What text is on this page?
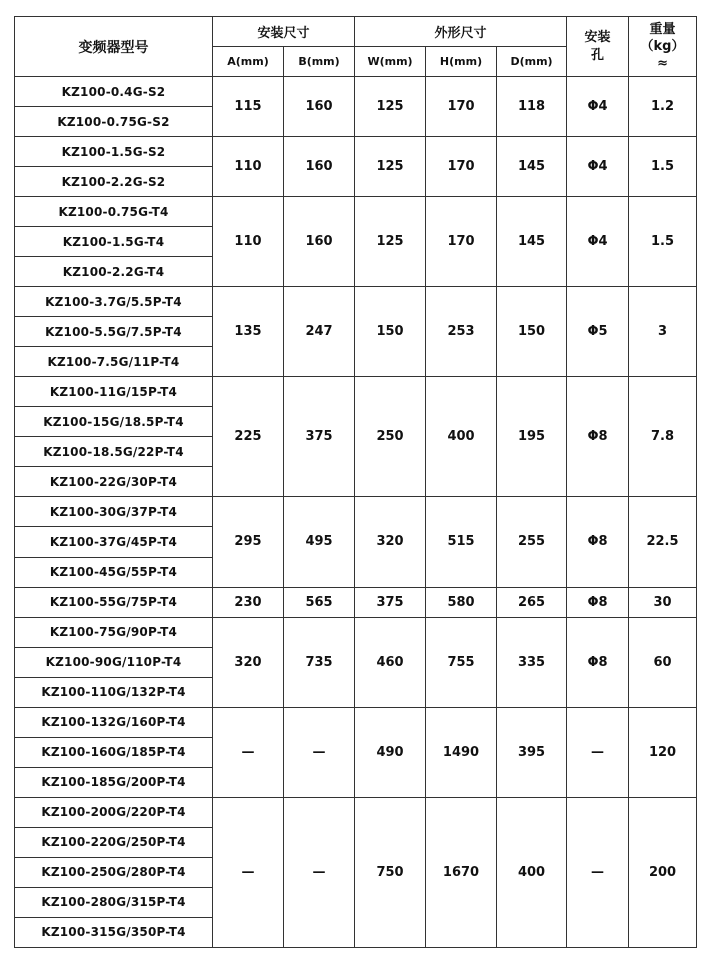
变频器型号	安装尺寸		外形尺寸			安装孔	重量
（kg）
≈

	A(mm)	B(mm)	W(mm)	H(mm)	D(mm)		
KZ100-0.4G-S2	115	160	125	170	118	Φ4	1.2
KZ100-0.75G-S2							
KZ100-1.5G-S2	110	160	125	170	145	Φ4	1.5
KZ100-2.2G-S2							
KZ100-0.75G-T4	110	160	125	170	145	Φ4	1.5
KZ100-1.5G-T4							
KZ100-2.2G-T4							
KZ100-3.7G/5.5P-T4	135	247	150	253	150	Φ5	3
KZ100-5.5G/7.5P-T4							
KZ100-7.5G/11P-T4							
KZ100-11G/15P-T4	225	375	250	400	195	Φ8	7.8
KZ100-15G/18.5P-T4							
KZ100-18.5G/22P-T4							
KZ100-22G/30P-T4							
KZ100-30G/37P-T4	295	495	320	515	255	Φ8	22.5
KZ100-37G/45P-T4							
KZ100-45G/55P-T4							
KZ100-55G/75P-T4	230	565	375	580	265	Φ8	30
KZ100-75G/90P-T4	320	735	460	755	335	Φ8	60
KZ100-90G/110P-T4							
KZ100-110G/132P-T4							
KZ100-132G/160P-T4	—	—	490	1490	395	—	120
KZ100-160G/185P-T4							
KZ100-185G/200P-T4							
KZ100-200G/220P-T4	—	—	750	1670	400	—	200
KZ100-220G/250P-T4							
KZ100-250G/280P-T4							
KZ100-280G/315P-T4							
KZ100-315G/350P-T4							
